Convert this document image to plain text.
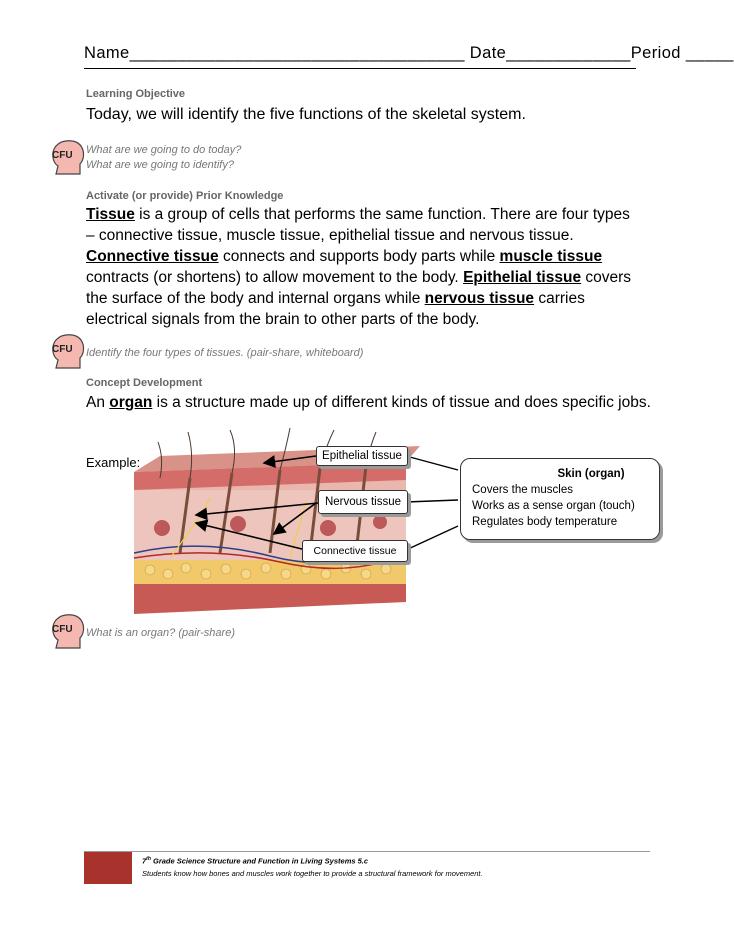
Name___________________________________ Date_____________Period _____
Learning Objective
Today, we will identify the five functions of the skeletal system.
CFU What are we going to do today?
What are we going to identify?
Activate (or provide) Prior Knowledge
Tissue is a group of cells that performs the same function. There are four types – connective tissue, muscle tissue, epithelial tissue and nervous tissue. Connective tissue connects and supports body parts while muscle tissue contracts (or shortens) to allow movement to the body. Epithelial tissue covers the surface of the body and internal organs while nervous tissue carries electrical signals from the brain to other parts of the body.
CFU Identify the four types of tissues. (pair-share, whiteboard)
Concept Development
An organ is a structure made up of different kinds of tissue and does specific jobs.
Example:	Epithelial tissue
Nervous tissue
Connective tissue
Skin (organ)
Covers the muscles
Works as a sense organ (touch)
Regulates body temperature
CFU What is an organ? (pair-share)
7th Grade Science Structure and Function in Living Systems 5.c
Students know how bones and muscles work together to provide a structural framework for movement.
